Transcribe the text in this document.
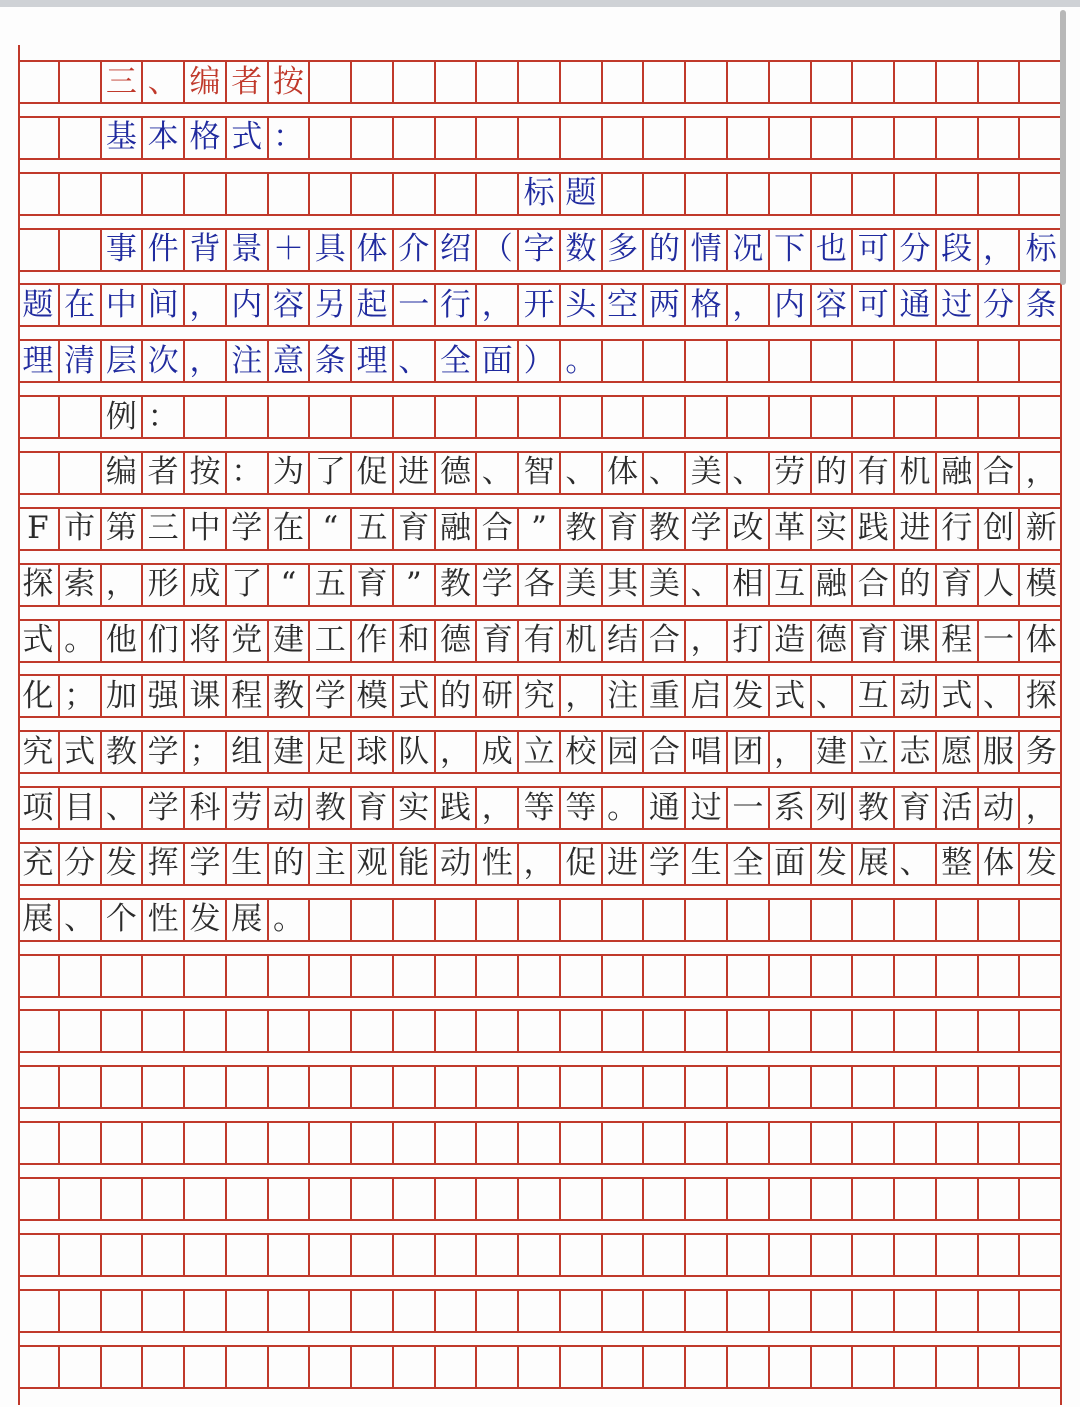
三 、 编 者 按
基 本 格 式 ：
标 题
事 件 背 景 ＋ 具 体 介 绍 （ 字 数 多 的 情 况 下 也 可 分 段 ， 标
题 在 中 间 ， 内 容 另 起 一 行 ， 开 头 空 两 格 ， 内 容 可 通 过 分 条
理 清 层 次 ， 注 意 条 理 、 全 面 ） 。
例 ：
编 者 按 ： 为 了 促 进 德 、 智 、 体 、 美 、 劳 的 有 机 融 合 ，
F 市 第 三 中 学 在 “ 五 育 融 合 ” 教 育 教 学 改 革 实 践 进 行 创 新
探 索 ， 形 成 了 “ 五 育 ” 教 学 各 美 其 美 、 相 互 融 合 的 育 人 模
式 。 他 们 将 党 建 工 作 和 德 育 有 机 结 合 ， 打 造 德 育 课 程 一 体
化 ； 加 强 课 程 教 学 模 式 的 研 究 ， 注 重 启 发 式 、 互 动 式 、 探
究 式 教 学 ； 组 建 足 球 队 ， 成 立 校 园 合 唱 团 ， 建 立 志 愿 服 务
项 目 、 学 科 劳 动 教 育 实 践 ， 等 等 。 通 过 一 系 列 教 育 活 动 ，
充 分 发 挥 学 生 的 主 观 能 动 性 ， 促 进 学 生 全 面 发 展 、 整 体 发
展 、 个 性 发 展 。
